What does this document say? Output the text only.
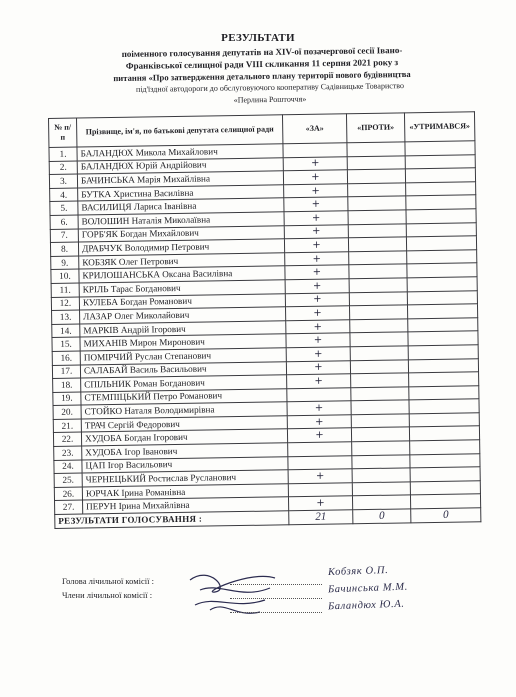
РЕЗУЛЬТАТИ
поіменного голосування депутатів на XIV-ої позачергової сесії Івано-
Франківської селищної ради VIII скликання 11 серпня 2021 року з
питання «Про затвердження детального плану території нового будівництва
під'їздної автодороги до обслуговуючого кооперативу Садівницьке Товариство
«Перлина Рошточчя»
№ п/п	Прізвище, ім'я, по батькові депутата селищної ради	«ЗА»	«ПРОТИ»	«УТРИМАВСЯ»
1.	БАЛАНДЮХ Микола Михайлович			
2.	БАЛАНДЮХ Юрій Андрійович	+		
3.	БАЧИНСЬКА Марія Михайлівна	+		
4.	БУТКА Христина Василівна	+		
5.	ВАСИЛИЦЯ Лариса Іванівна	+		
6.	ВОЛОШИН Наталія Миколаївна	+		
7.	ГОРБ'ЯК Богдан Михайлович	+		
8.	ДРАБЧУК Володимир Петрович	+		
9.	КОБЗЯК Олег Петрович	+		
10.	КРИЛОШАНСЬКА Оксана Василівна	+		
11.	КРІЛЬ Тарас Богданович	+		
12.	КУЛЕБА Богдан Романович	+		
13.	ЛАЗАР Олег Миколайович	+		
14.	МАРКІВ Андрій Ігорович	+		
15.	МИХАНІВ Мирон Миронович	+		
16.	ПОМІРЧИЙ Руслан Степанович	+		
17.	САЛАБАЙ Василь Васильович	+		
18.	СПІЛЬНИК Роман Богданович	+		
19.	СТЕМПІЦЬКИЙ Петро Романович			
20.	СТОЙКО Наталя Володимирівна	+		
21.	ТРАЧ Сергій Федорович	+		
22.	ХУДОБА Богдан Ігорович	+		
23.	ХУДОБА Ігор Іванович			
24.	ЦАП Ігор Васильович			
25.	ЧЕРНЕЦЬКИЙ Ростислав Русланович	+		
26.	ЮРЧАК Ірина Романівна			
27.	ПЕРУН Ірина Михайлівна	+		
РЕЗУЛЬТАТИ ГОЛОСУВАННЯ :		21	0	0
Голова лічильної комісії :
Члени лічильної комісії :
Кобзяк О.П.
Бачинська М.М.
Баландюх Ю.А.
